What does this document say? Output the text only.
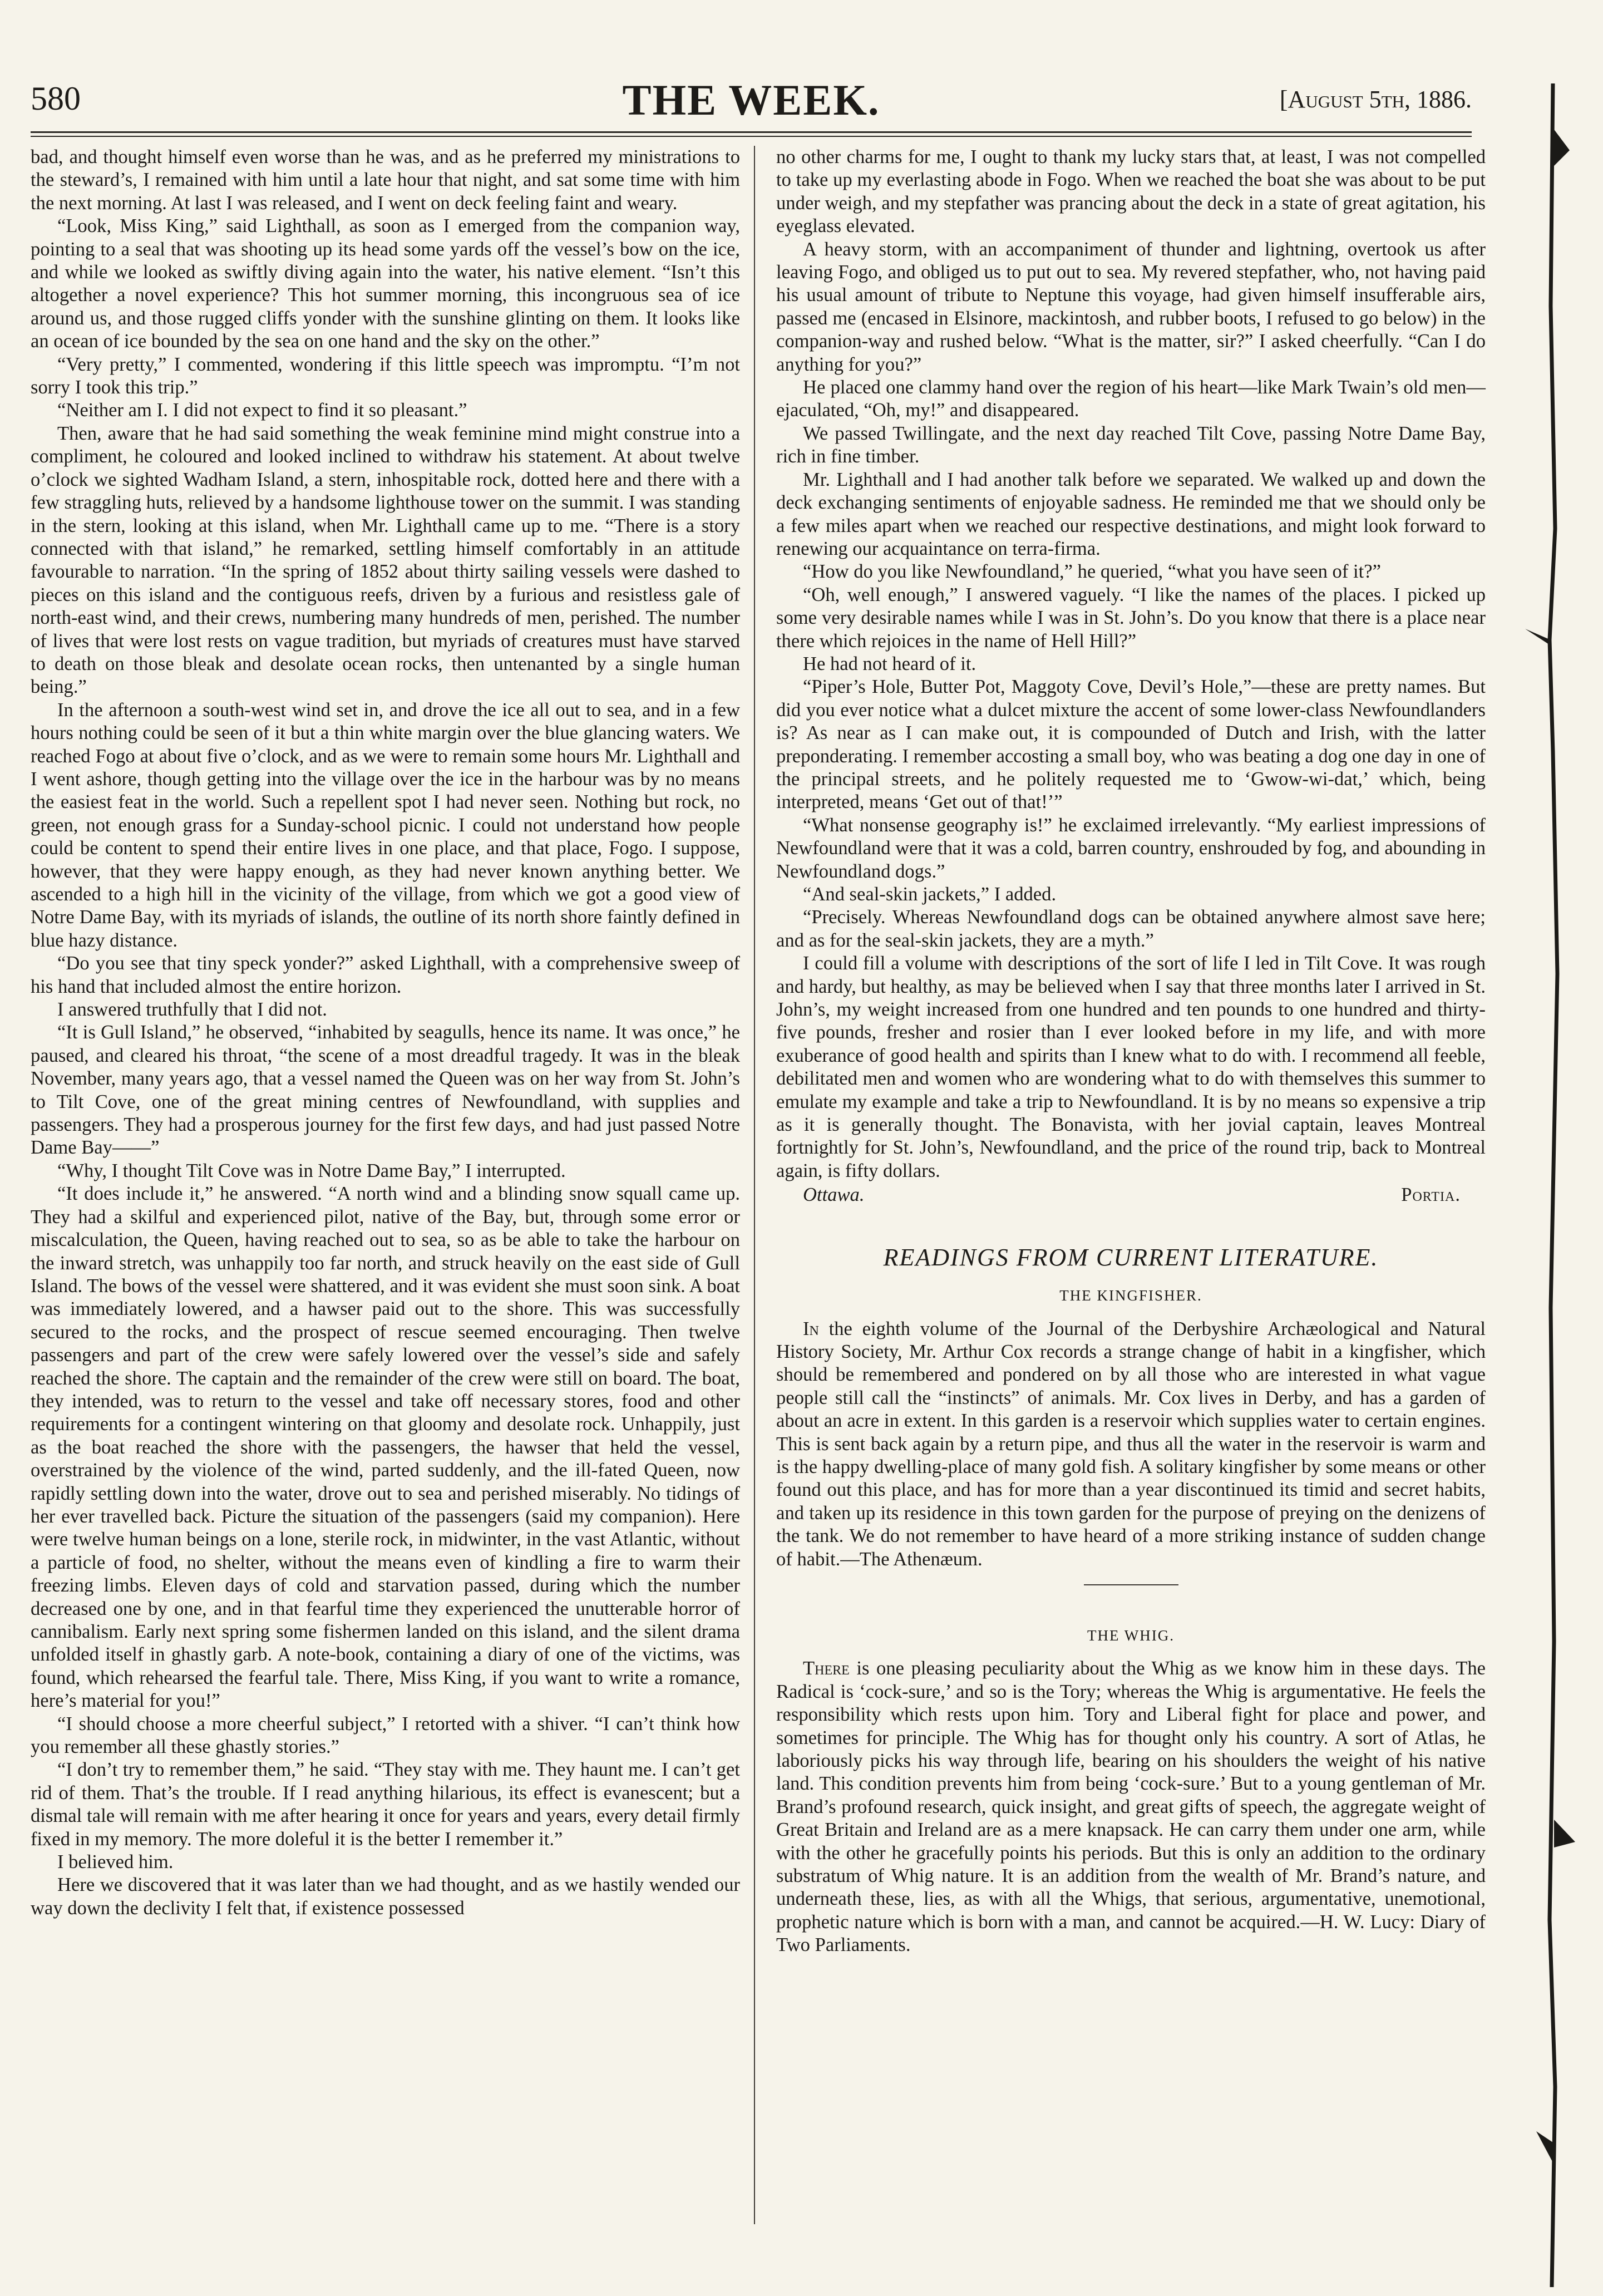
580	THE WEEK.	[August 5th, 1886.

bad, and thought himself even worse than he was, and as he preferred my ministrations to the steward’s, I remained with him until a late hour that night, and sat some time with him the next morning. At last I was released, and I went on deck feeling faint and weary.

“Look, Miss King,” said Lighthall, as soon as I emerged from the companion way, pointing to a seal that was shooting up its head some yards off the vessel’s bow on the ice, and while we looked as swiftly diving again into the water, his native element. “Isn’t this altogether a novel experience? This hot summer morning, this incongruous sea of ice around us, and those rugged cliffs yonder with the sunshine glinting on them. It looks like an ocean of ice bounded by the sea on one hand and the sky on the other.”

“Very pretty,” I commented, wondering if this little speech was impromptu. “I’m not sorry I took this trip.”

“Neither am I. I did not expect to find it so pleasant.”

Then, aware that he had said something the weak feminine mind might construe into a compliment, he coloured and looked inclined to withdraw his statement. At about twelve o’clock we sighted Wadham Island, a stern, inhospitable rock, dotted here and there with a few straggling huts, relieved by a handsome lighthouse tower on the summit. I was standing in the stern, looking at this island, when Mr. Lighthall came up to me. “There is a story connected with that island,” he remarked, settling himself comfortably in an attitude favourable to narration. “In the spring of 1852 about thirty sailing vessels were dashed to pieces on this island and the contiguous reefs, driven by a furious and resistless gale of north-east wind, and their crews, numbering many hundreds of men, perished. The number of lives that were lost rests on vague tradition, but myriads of creatures must have starved to death on those bleak and desolate ocean rocks, then untenanted by a single human being.”

In the afternoon a south-west wind set in, and drove the ice all out to sea, and in a few hours nothing could be seen of it but a thin white margin over the blue glancing waters. We reached Fogo at about five o’clock, and as we were to remain some hours Mr. Lighthall and I went ashore, though getting into the village over the ice in the harbour was by no means the easiest feat in the world. Such a repellent spot I had never seen. Nothing but rock, no green, not enough grass for a Sunday-school picnic. I could not understand how people could be content to spend their entire lives in one place, and that place, Fogo. I suppose, however, that they were happy enough, as they had never known anything better. We ascended to a high hill in the vicinity of the village, from which we got a good view of Notre Dame Bay, with its myriads of islands, the outline of its north shore faintly defined in blue hazy distance.

“Do you see that tiny speck yonder?” asked Lighthall, with a comprehensive sweep of his hand that included almost the entire horizon.

I answered truthfully that I did not.

“It is Gull Island,” he observed, “inhabited by seagulls, hence its name. It was once,” he paused, and cleared his throat, “the scene of a most dreadful tragedy. It was in the bleak November, many years ago, that a vessel named the Queen was on her way from St. John’s to Tilt Cove, one of the great mining centres of Newfoundland, with supplies and passengers. They had a prosperous journey for the first few days, and had just passed Notre Dame Bay——”

“Why, I thought Tilt Cove was in Notre Dame Bay,” I interrupted.

“It does include it,” he answered. “A north wind and a blinding snow squall came up. They had a skilful and experienced pilot, native of the Bay, but, through some error or miscalculation, the Queen, having reached out to sea, so as be able to take the harbour on the inward stretch, was unhappily too far north, and struck heavily on the east side of Gull Island. The bows of the vessel were shattered, and it was evident she must soon sink. A boat was immediately lowered, and a hawser paid out to the shore. This was successfully secured to the rocks, and the prospect of rescue seemed encouraging. Then twelve passengers and part of the crew were safely lowered over the vessel’s side and safely reached the shore. The captain and the remainder of the crew were still on board. The boat, they intended, was to return to the vessel and take off necessary stores, food and other requirements for a contingent wintering on that gloomy and desolate rock. Unhappily, just as the boat reached the shore with the passengers, the hawser that held the vessel, overstrained by the violence of the wind, parted suddenly, and the ill-fated Queen, now rapidly settling down into the water, drove out to sea and perished miserably. No tidings of her ever travelled back. Picture the situation of the passengers (said my companion). Here were twelve human beings on a lone, sterile rock, in midwinter, in the vast Atlantic, without a particle of food, no shelter, without the means even of kindling a fire to warm their freezing limbs. Eleven days of cold and starvation passed, during which the number decreased one by one, and in that fearful time they experienced the unutterable horror of cannibalism. Early next spring some fishermen landed on this island, and the silent drama unfolded itself in ghastly garb. A note-book, containing a diary of one of the victims, was found, which rehearsed the fearful tale. There, Miss King, if you want to write a romance, here’s material for you!”

“I should choose a more cheerful subject,” I retorted with a shiver. “I can’t think how you remember all these ghastly stories.”

“I don’t try to remember them,” he said. “They stay with me. They haunt me. I can’t get rid of them. That’s the trouble. If I read anything hilarious, its effect is evanescent; but a dismal tale will remain with me after hearing it once for years and years, every detail firmly fixed in my memory. The more doleful it is the better I remember it.”

I believed him.

Here we discovered that it was later than we had thought, and as we hastily wended our way down the declivity I felt that, if existence possessed

no other charms for me, I ought to thank my lucky stars that, at least, I was not compelled to take up my everlasting abode in Fogo. When we reached the boat she was about to be put under weigh, and my stepfather was prancing about the deck in a state of great agitation, his eyeglass elevated.

A heavy storm, with an accompaniment of thunder and lightning, overtook us after leaving Fogo, and obliged us to put out to sea. My revered stepfather, who, not having paid his usual amount of tribute to Neptune this voyage, had given himself insufferable airs, passed me (encased in Elsinore, mackintosh, and rubber boots, I refused to go below) in the companion-way and rushed below. “What is the matter, sir?” I asked cheerfully. “Can I do anything for you?”

He placed one clammy hand over the region of his heart—like Mark Twain’s old men—ejaculated, “Oh, my!” and disappeared.

We passed Twillingate, and the next day reached Tilt Cove, passing Notre Dame Bay, rich in fine timber.

Mr. Lighthall and I had another talk before we separated. We walked up and down the deck exchanging sentiments of enjoyable sadness. He reminded me that we should only be a few miles apart when we reached our respective destinations, and might look forward to renewing our acquaintance on terra-firma.

“How do you like Newfoundland,” he queried, “what you have seen of it?”

“Oh, well enough,” I answered vaguely. “I like the names of the places. I picked up some very desirable names while I was in St. John’s. Do you know that there is a place near there which rejoices in the name of Hell Hill?”

He had not heard of it.

“Piper’s Hole, Butter Pot, Maggoty Cove, Devil’s Hole,”—these are pretty names. But did you ever notice what a dulcet mixture the accent of some lower-class Newfoundlanders is? As near as I can make out, it is compounded of Dutch and Irish, with the latter preponderating. I remember accosting a small boy, who was beating a dog one day in one of the principal streets, and he politely requested me to ‘Gwow-wi-dat,’ which, being interpreted, means ‘Get out of that!’”

“What nonsense geography is!” he exclaimed irrelevantly. “My earliest impressions of Newfoundland were that it was a cold, barren country, enshrouded by fog, and abounding in Newfoundland dogs.”

“And seal-skin jackets,” I added.

“Precisely. Whereas Newfoundland dogs can be obtained anywhere almost save here; and as for the seal-skin jackets, they are a myth.”

I could fill a volume with descriptions of the sort of life I led in Tilt Cove. It was rough and hardy, but healthy, as may be believed when I say that three months later I arrived in St. John’s, my weight increased from one hundred and ten pounds to one hundred and thirty-five pounds, fresher and rosier than I ever looked before in my life, and with more exuberance of good health and spirits than I knew what to do with. I recommend all feeble, debilitated men and women who are wondering what to do with themselves this summer to emulate my example and take a trip to Newfoundland. It is by no means so expensive a trip as it is generally thought. The Bonavista, with her jovial captain, leaves Montreal fortnightly for St. John’s, Newfoundland, and the price of the round trip, back to Montreal again, is fifty dollars.

Ottawa.	Portia.
READINGS FROM CURRENT LITERATURE.
THE KINGFISHER.

In the eighth volume of the Journal of the Derbyshire Archæological and Natural History Society, Mr. Arthur Cox records a strange change of habit in a kingfisher, which should be remembered and pondered on by all those who are interested in what vague people still call the “instincts” of animals. Mr. Cox lives in Derby, and has a garden of about an acre in extent. In this garden is a reservoir which supplies water to certain engines. This is sent back again by a return pipe, and thus all the water in the reservoir is warm and is the happy dwelling-place of many gold fish. A solitary kingfisher by some means or other found out this place, and has for more than a year discontinued its timid and secret habits, and taken up its residence in this town garden for the purpose of preying on the denizens of the tank. We do not remember to have heard of a more striking instance of sudden change of habit.—The Athenæum.

THE WHIG.

There is one pleasing peculiarity about the Whig as we know him in these days. The Radical is ‘cock-sure,’ and so is the Tory; whereas the Whig is argumentative. He feels the responsibility which rests upon him. Tory and Liberal fight for place and power, and sometimes for principle. The Whig has for thought only his country. A sort of Atlas, he laboriously picks his way through life, bearing on his shoulders the weight of his native land. This condition prevents him from being ‘cock-sure.’ But to a young gentleman of Mr. Brand’s profound research, quick insight, and great gifts of speech, the aggregate weight of Great Britain and Ireland are as a mere knapsack. He can carry them under one arm, while with the other he gracefully points his periods. But this is only an addition to the ordinary substratum of Whig nature. It is an addition from the wealth of Mr. Brand’s nature, and underneath these, lies, as with all the Whigs, that serious, argumentative, unemotional, prophetic nature which is born with a man, and cannot be acquired.—H. W. Lucy: Diary of Two Parliaments.
